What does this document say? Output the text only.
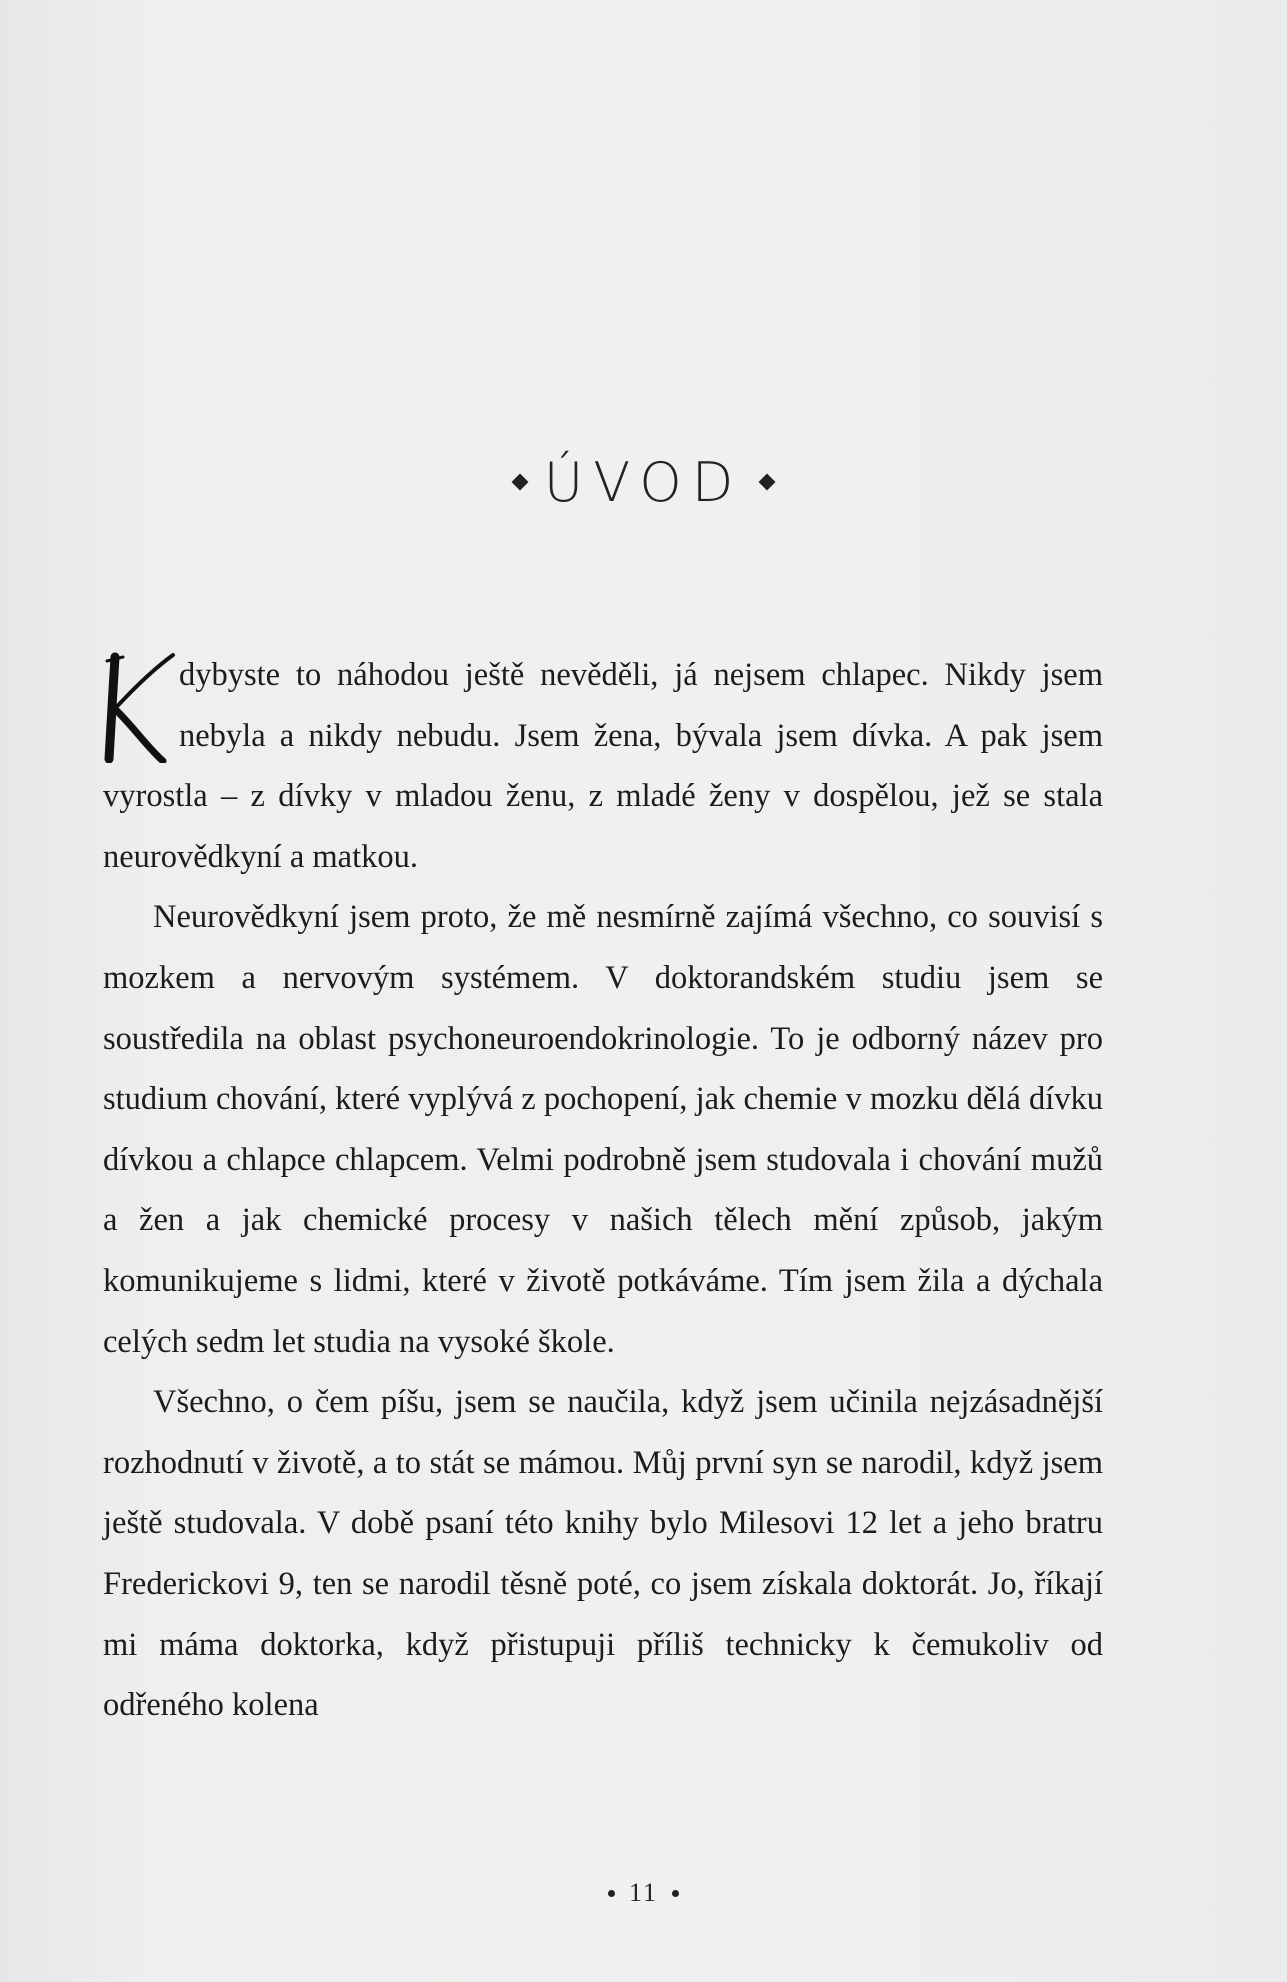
ÚVOD

K
dybyste to náhodou ještě nevěděli, já nejsem chlapec. Nikdy jsem nebyla a nikdy nebudu. Jsem žena, bývala jsem dívka. A pak jsem vyrostla – z dívky v mladou ženu, z mladé ženy v dospělou, jež se stala neurovědkyní a matkou.

Neurovědkyní jsem proto, že mě nesmírně zajímá všechno, co souvisí s mozkem a nervovým systémem. V doktorandském studiu jsem se soustředila na oblast psychoneuroendokrinologie. To je odborný název pro studium chování, které vyplývá z pochopení, jak chemie v mozku dělá dívku dívkou a chlapce chlapcem. Velmi podrobně jsem studovala i chování mužů a žen a jak chemické procesy v našich tělech mění způsob, jakým komunikujeme s lidmi, které v životě potkáváme. Tím jsem žila a dýchala celých sedm let studia na vysoké škole.

Všechno, o čem píšu, jsem se naučila, když jsem učinila nejzásadnější rozhodnutí v životě, a to stát se mámou. Můj první syn se narodil, když jsem ještě studovala. V době psaní této knihy bylo Milesovi 12 let a jeho bratru Frederickovi 9, ten se narodil těsně poté, co jsem získala doktorát. Jo, říkají mi máma doktorka, když přistupuji příliš technicky k čemukoliv od odřeného kolena

11
